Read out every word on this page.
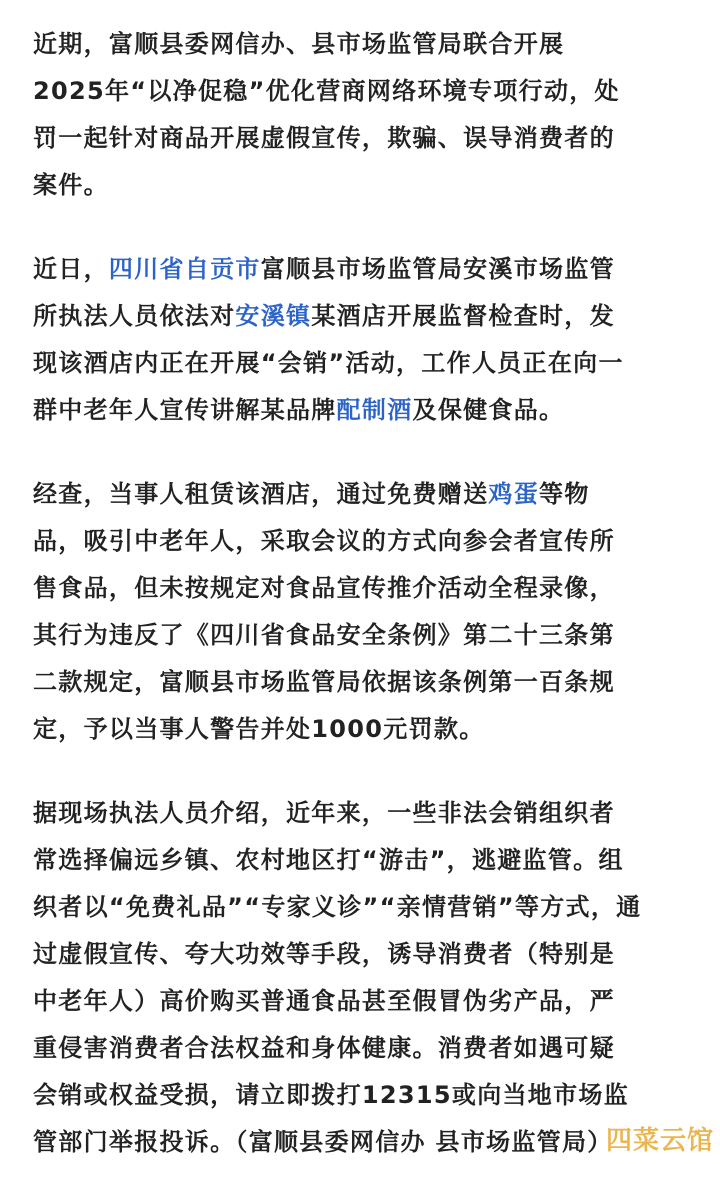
近期，富顺县委网信办、县市场监管局联合开展
2025年“以净促稳”优化营商网络环境专项行动，处
罚一起针对商品开展虚假宣传，欺骗、误导消费者的
案件。
近日，四川省自贡市富顺县市场监管局安溪市场监管
所执法人员依法对安溪镇某酒店开展监督检查时，发
现该酒店内正在开展“会销”活动，工作人员正在向一
群中老年人宣传讲解某品牌配制酒及保健食品。
经查，当事人租赁该酒店，通过免费赠送鸡蛋等物
品，吸引中老年人，采取会议的方式向参会者宣传所
售食品，但未按规定对食品宣传推介活动全程录像，
其行为违反了《四川省食品安全条例》第二十三条第
二款规定，富顺县市场监管局依据该条例第一百条规
定，予以当事人警告并处1000元罚款。
据现场执法人员介绍，近年来，一些非法会销组织者
常选择偏远乡镇、农村地区打“游击”，逃避监管。组
织者以“免费礼品”“专家义诊”“亲情营销”等方式，通
过虚假宣传、夸大功效等手段，诱导消费者（特别是
中老年人）高价购买普通食品甚至假冒伪劣产品，严
重侵害消费者合法权益和身体健康。消费者如遇可疑
会销或权益受损，请立即拨打12315或向当地市场监
管部门举报投诉。（富顺县委网信办 县市场监管局）
四菜云馆
